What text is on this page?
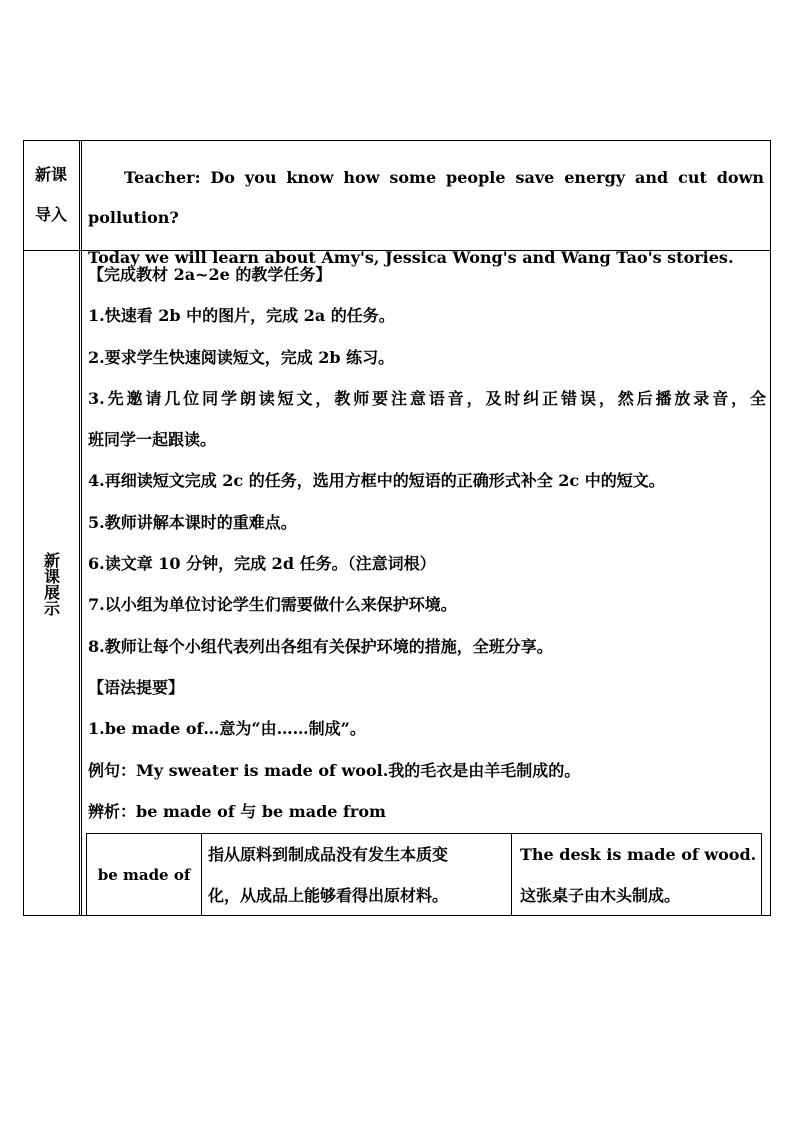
新课
导入
Teacher: Do you know how some people save energy and cut down pollution?
Today we will learn about Amy's, Jessica Wong's and Wang Tao's stories.
新课展示
【完成教材 2a~2e 的教学任务】
1.快速看 2b 中的图片，完成 2a 的任务。
2.要求学生快速阅读短文，完成 2b 练习。
3.先邀请几位同学朗读短文，教师要注意语音，及时纠正错误，然后播放录音，全
班同学一起跟读。
4.再细读短文完成 2c 的任务，选用方框中的短语的正确形式补全 2c 中的短文。
5.教师讲解本课时的重难点。
6.读文章 10 分钟，完成 2d 任务。（注意词根）
7.以小组为单位讨论学生们需要做什么来保护环境。
8.教师让每个小组代表列出各组有关保护环境的措施，全班分享。
【语法提要】
1.be made of…意为“由……制成”。
例句：My sweater is made of wool.我的毛衣是由羊毛制成的。
辨析：be made of 与 be made from
be made of
指从原料到制成品没有发生本质变
化，从成品上能够看得出原材料。
The desk is made of wood.
这张桌子由木头制成。
